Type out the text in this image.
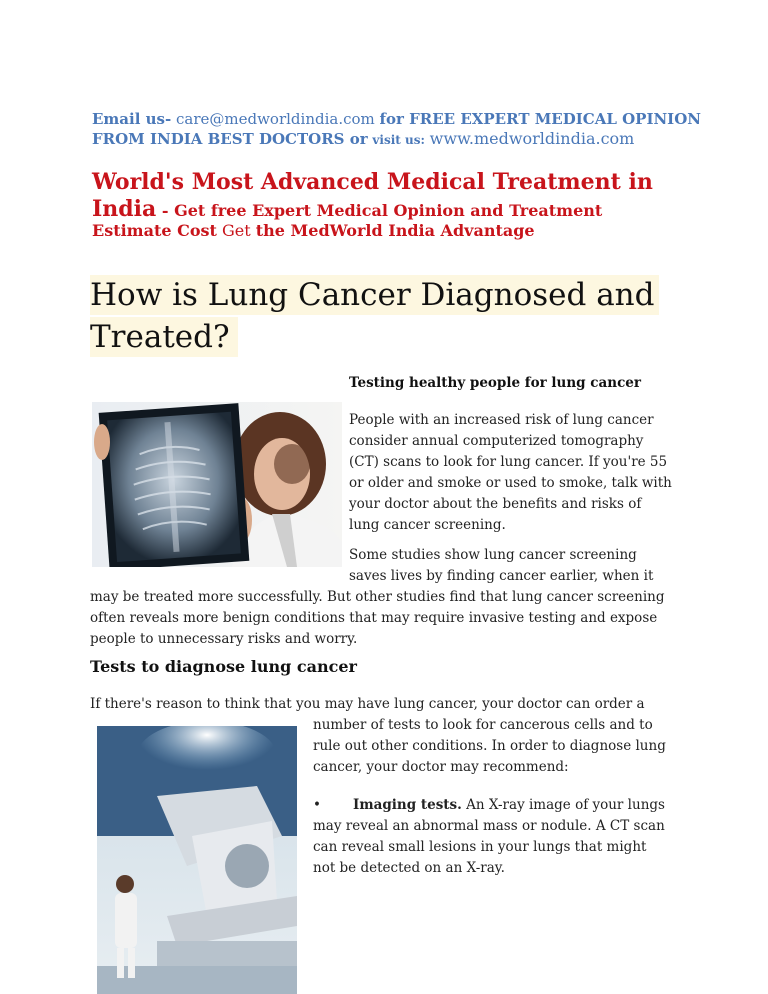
Email us- care@medworldindia.com for FREE EXPERT MEDICAL OPINION
FROM INDIA BEST DOCTORS or visit us: www.medworldindia.com
World's Most Advanced Medical Treatment in
India - Get free Expert Medical Opinion and Treatment
Estimate Cost Get the MedWorld India Advantage
How is Lung Cancer Diagnosed and
Treated?
Testing healthy people for lung cancer
People with an increased risk of lung cancer
consider annual computerized tomography
(CT) scans to look for lung cancer. If you're 55
or older and smoke or used to smoke, talk with
your doctor about the benefits and risks of
lung cancer screening.
Some studies show lung cancer screening
saves lives by finding cancer earlier, when it
may be treated more successfully. But other studies find that lung cancer screening
often reveals more benign conditions that may require invasive testing and expose
people to unnecessary risks and worry.
Tests to diagnose lung cancer
If there's reason to think that you may have lung cancer, your doctor can order a
number of tests to look for cancerous cells and to
rule out other conditions. In order to diagnose lung
cancer, your doctor may recommend:
• Imaging tests. An X-ray image of your lungs
may reveal an abnormal mass or nodule. A CT scan
can reveal small lesions in your lungs that might
not be detected on an X-ray.
